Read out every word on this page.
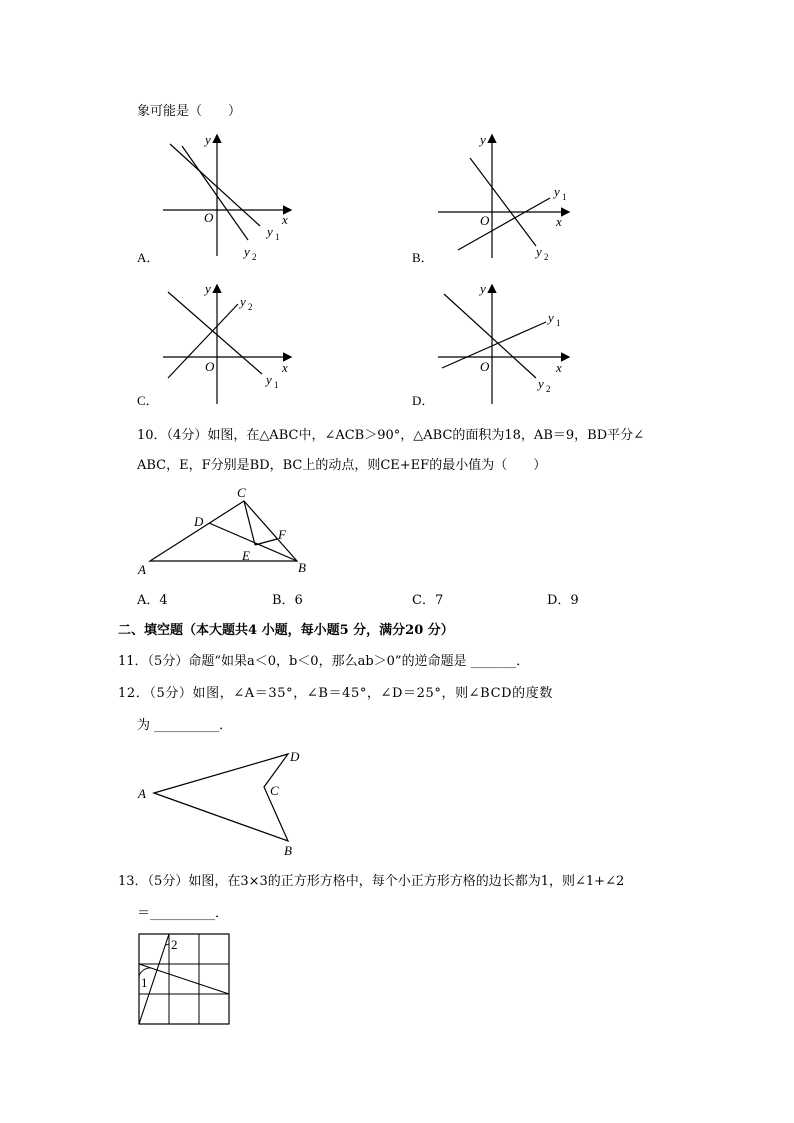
象可能是（　　）
y
x
O
y 1
y 2
A．
y
x
O
y 1
y 2
B．
y
x
O
y 2
y 1
C．
y
x
O
y 1
y 2
D．
10．（4分）如图，在△ABC中，∠ACB＞90°，△ABC的面积为18，AB＝9，BD平分∠
ABC，E，F分别是BD，BC上的动点，则CE+EF的最小值为（　　）
A	B
C
D
E
F
A．4	B．6	C．7	D．9
二、填空题（本大题共4 小题，每小题5 分，满分20 分）
11．（5分）命题“如果a＜0，b＜0，那么ab＞0”的逆命题是 _______．
12．（5分）如图，∠A＝35°，∠B＝45°，∠D＝25°，则∠BCD的度数
为 __________．
A
D
C
B
13．（5分）如图，在3×3的正方形方格中，每个小正方形方格的边长都为1，则∠1+∠2
＝__________．
1
2
